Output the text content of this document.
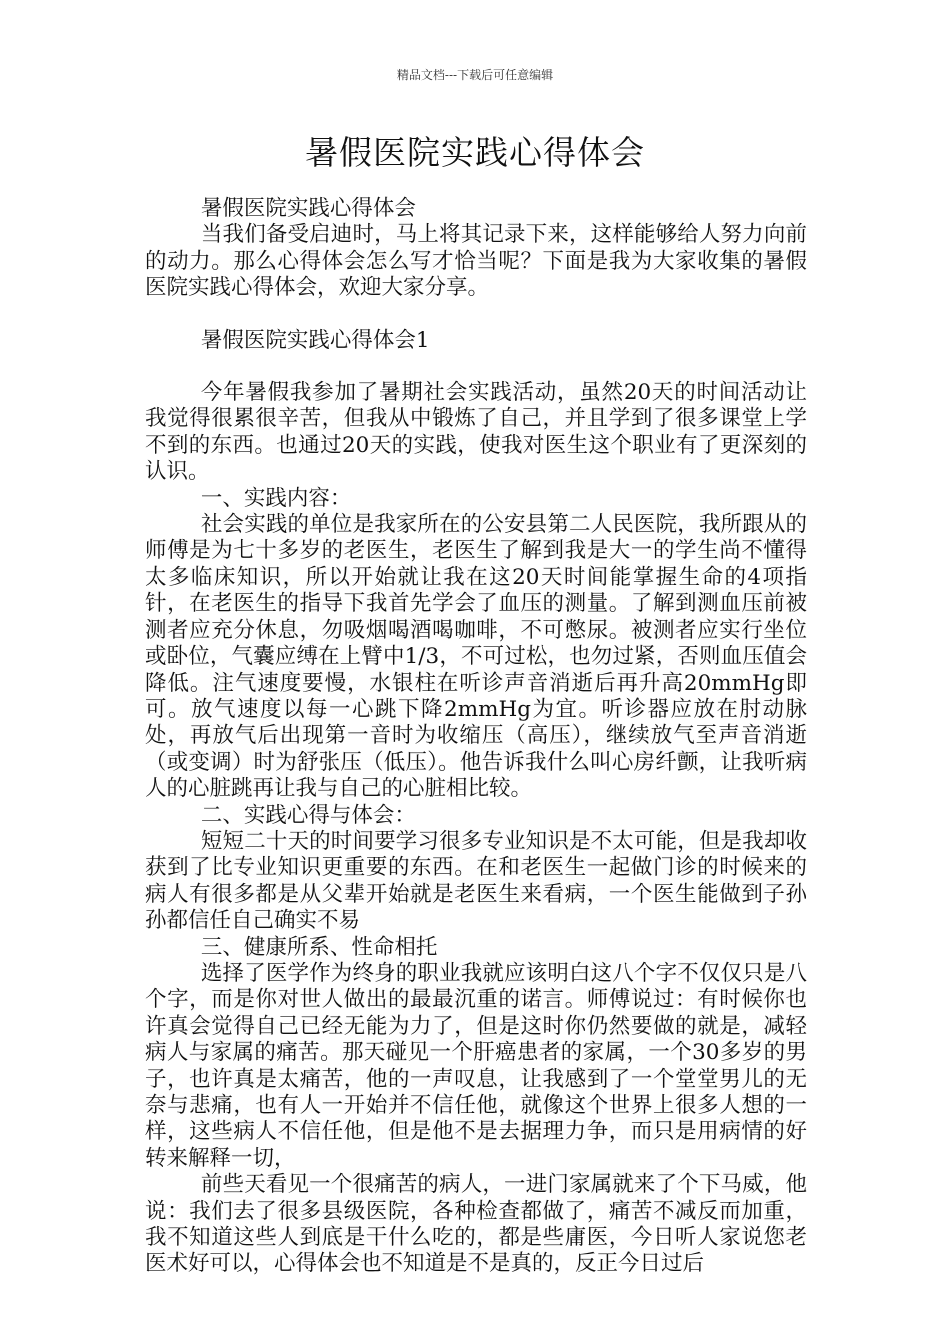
精品文档---下载后可任意编辑
暑假医院实践心得体会

暑假医院实践心得体会

当我们备受启迪时，马上将其记录下来，这样能够给人努力向前的动力。那么心得体会怎么写才恰当呢？下面是我为大家收集的暑假医院实践心得体会，欢迎大家分享。

暑假医院实践心得体会1

今年暑假我参加了暑期社会实践活动，虽然20天的时间活动让我觉得很累很辛苦，但我从中锻炼了自己，并且学到了很多课堂上学不到的东西。也通过20天的实践，使我对医生这个职业有了更深刻的认识。

一、实践内容：

社会实践的单位是我家所在的公安县第二人民医院，我所跟从的师傅是为七十多岁的老医生，老医生了解到我是大一的学生尚不懂得太多临床知识，所以开始就让我在这20天时间能掌握生命的4项指针，在老医生的指导下我首先学会了血压的测量。了解到测血压前被测者应充分休息，勿吸烟喝酒喝咖啡，不可憋尿。被测者应实行坐位或卧位，气囊应缚在上臂中1/3，不可过松，也勿过紧，否则血压值会降低。注气速度要慢，水银柱在听诊声音消逝后再升高20mmHg即可。放气速度以每一心跳下降2mmHg为宜。听诊器应放在肘动脉处，再放气后出现第一音时为收缩压（高压），继续放气至声音消逝（或变调）时为舒张压（低压）。他告诉我什么叫心房纤颤，让我听病人的心脏跳再让我与自己的心脏相比较。

二、实践心得与体会：

短短二十天的时间要学习很多专业知识是不太可能，但是我却收获到了比专业知识更重要的东西。在和老医生一起做门诊的时候来的病人有很多都是从父辈开始就是老医生来看病，一个医生能做到子孙孙都信任自己确实不易

三、健康所系、性命相托

选择了医学作为终身的职业我就应该明白这八个字不仅仅只是八个字，而是你对世人做出的最最沉重的诺言。师傅说过：有时候你也许真会觉得自己已经无能为力了，但是这时你仍然要做的就是，减轻病人与家属的痛苦。那天碰见一个肝癌患者的家属，一个30多岁的男子，也许真是太痛苦，他的一声叹息，让我感到了一个堂堂男儿的无奈与悲痛，也有人一开始并不信任他，就像这个世界上很多人想的一样，这些病人不信任他，但是他不是去据理力争，而只是用病情的好转来解释一切，

前些天看见一个很痛苦的病人，一进门家属就来了个下马威，他说：我们去了很多县级医院，各种检查都做了，痛苦不减反而加重，我不知道这些人到底是干什么吃的，都是些庸医，今日听人家说您老医术好可以，心得体会也不知道是不是真的，反正今日过后
